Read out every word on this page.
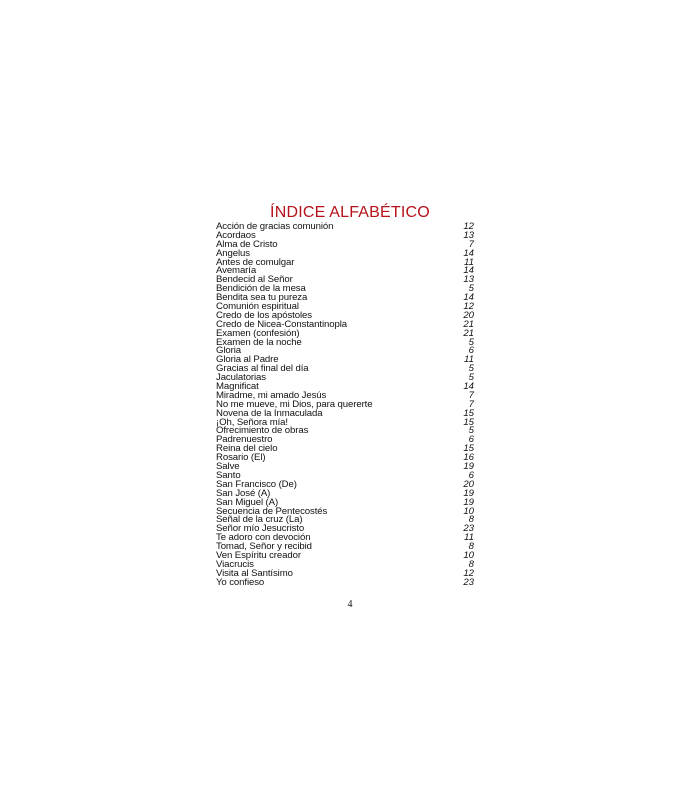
ÍNDICE ALFABÉTICO
Acción de gracias comunión	12
Acordaos	13
Alma de Cristo	7
Angelus	14
Antes de comulgar	11
Avemaría	14
Bendecid al Señor	13
Bendición de la mesa	5
Bendita sea tu pureza	14
Comunión espiritual	12
Credo de los apóstoles	20
Credo de Nicea-Constantinopla	21
Examen (confesión)	21
Examen de la noche	5
Gloria	6
Gloria al Padre	11
Gracias al final del día	5
Jaculatorias	5
Magnificat	14
Miradme, mi amado Jesús	7
No me mueve, mi Dios, para quererte	7
Novena de la Inmaculada	15
¡Oh, Señora mía!	15
Ofrecimiento de obras	5
Padrenuestro	6
Reina del cielo	15
Rosario (El)	16
Salve	19
Santo	6
San Francisco (De)	20
San José (A)	19
San Miguel (A)	19
Secuencia de Pentecostés	10
Señal de la cruz (La)	8
Señor mío Jesucristo	23
Te adoro con devoción	11
Tomad, Señor y recibid	8
Ven Espíritu creador	10
Viacrucis	8
Visita al Santísimo	12
Yo confieso	23
4
